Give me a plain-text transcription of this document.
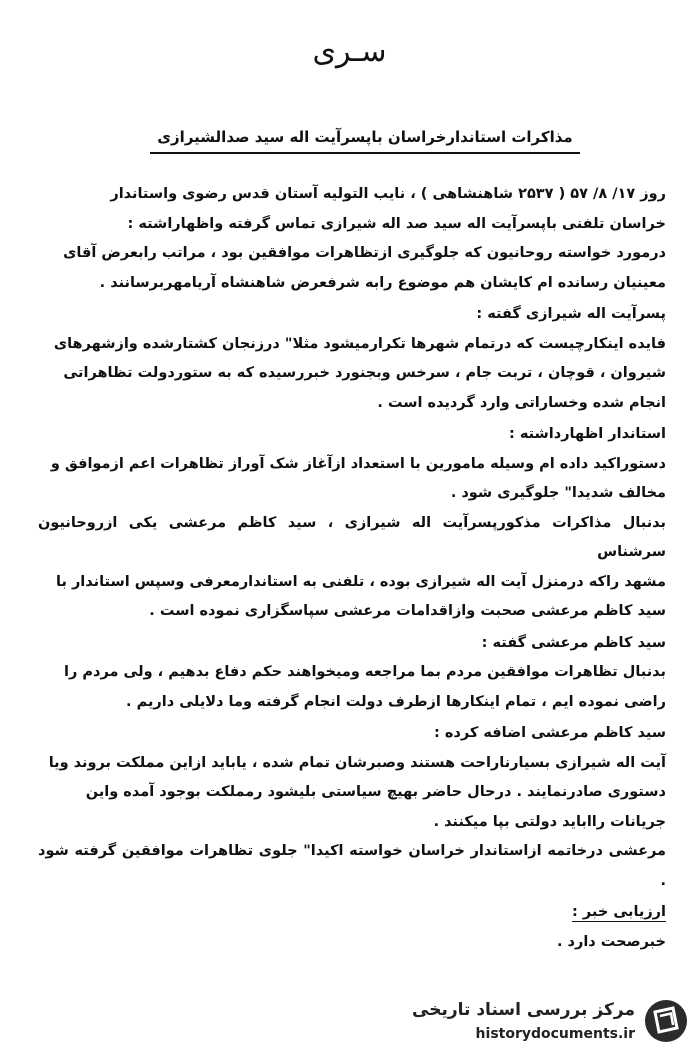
سـرى
مذاکرات استاندارخراسان باپسرآیت اله سید صدالشیرازی

روز ۱۷/ ۸/ ۵۷ ( ۲۵۳۷ شاهنشاهی ) ، نایب التولیه آستان قدس رضوی واستاندار

خراسان تلفنی باپسرآیت اله سید صد اله شیرازی تماس گرفته واظهاراشته :

درمورد خواسته روحانیون که جلوگیری ازتظاهرات موافقین بود ، مراتب رابعرض آقای

معینیان رسانده ام کایشان هم موضوع رابه شرفعرض شاهنشاه آریامهربرسانند .

پسرآیت اله شیرازی گفته :

فایده اینکارچیست که درتمام شهرها تکرارمیشود مثلا" درزنجان کشتارشده وازشهرهای

شیروان ، قوچان ، تربت جام ، سرخس وبجنورد خبررسیده که به ستوردولت تظاهراتی

انجام شده وخساراتی وارد گردیده است .

استاندار اظهارداشته :

دستوراکید داده ام وسیله مامورین با استعداد ازآغاز شک آوراز تظاهرات اعم ازموافق و

مخالف شدیدا" جلوگیری شود .

بدنبال مذاکرات مذکورپسرآیت اله شیرازی ، سید کاظم مرعشی یکی ازروحانیون سرشناس

مشهد راکه درمنزل آیت اله شیرازی بوده ، تلفنی به استاندارمعرفی وسپس استاندار با

سید کاظم مرعشی صحبت وازاقدامات مرعشی سپاسگزاری نموده است .

سید کاظم مرعشی گفته :

بدنبال تظاهرات موافقین مردم بما مراجعه ومیخواهند حکم دفاع بدهیم ، ولی مردم را

راضی نموده ایم ، تمام اینکارها ازطرف دولت انجام گرفته وما دلایلی داریم .

سید کاظم مرعشی اضافه کرده :

آیت اله شیرازی بسیارناراحت هستند وصبرشان تمام شده ، یاباید ازاین مملکت بروند ویا

دستوری صادرنمایند . درحال حاضر بهیچ سیاستی بلیشود رمملکت بوجود آمده واین

جریانات رااباید دولتی بپا میکنند .

مرعشی درخاتمه ازاستاندار خراسان خواسته اکیدا" جلوی تظاهرات موافقین گرفته شود .

ارزیابی خبر :

خبرصحت دارد .

مرکز بررسی اسناد تاریخی
historydocuments.ir
